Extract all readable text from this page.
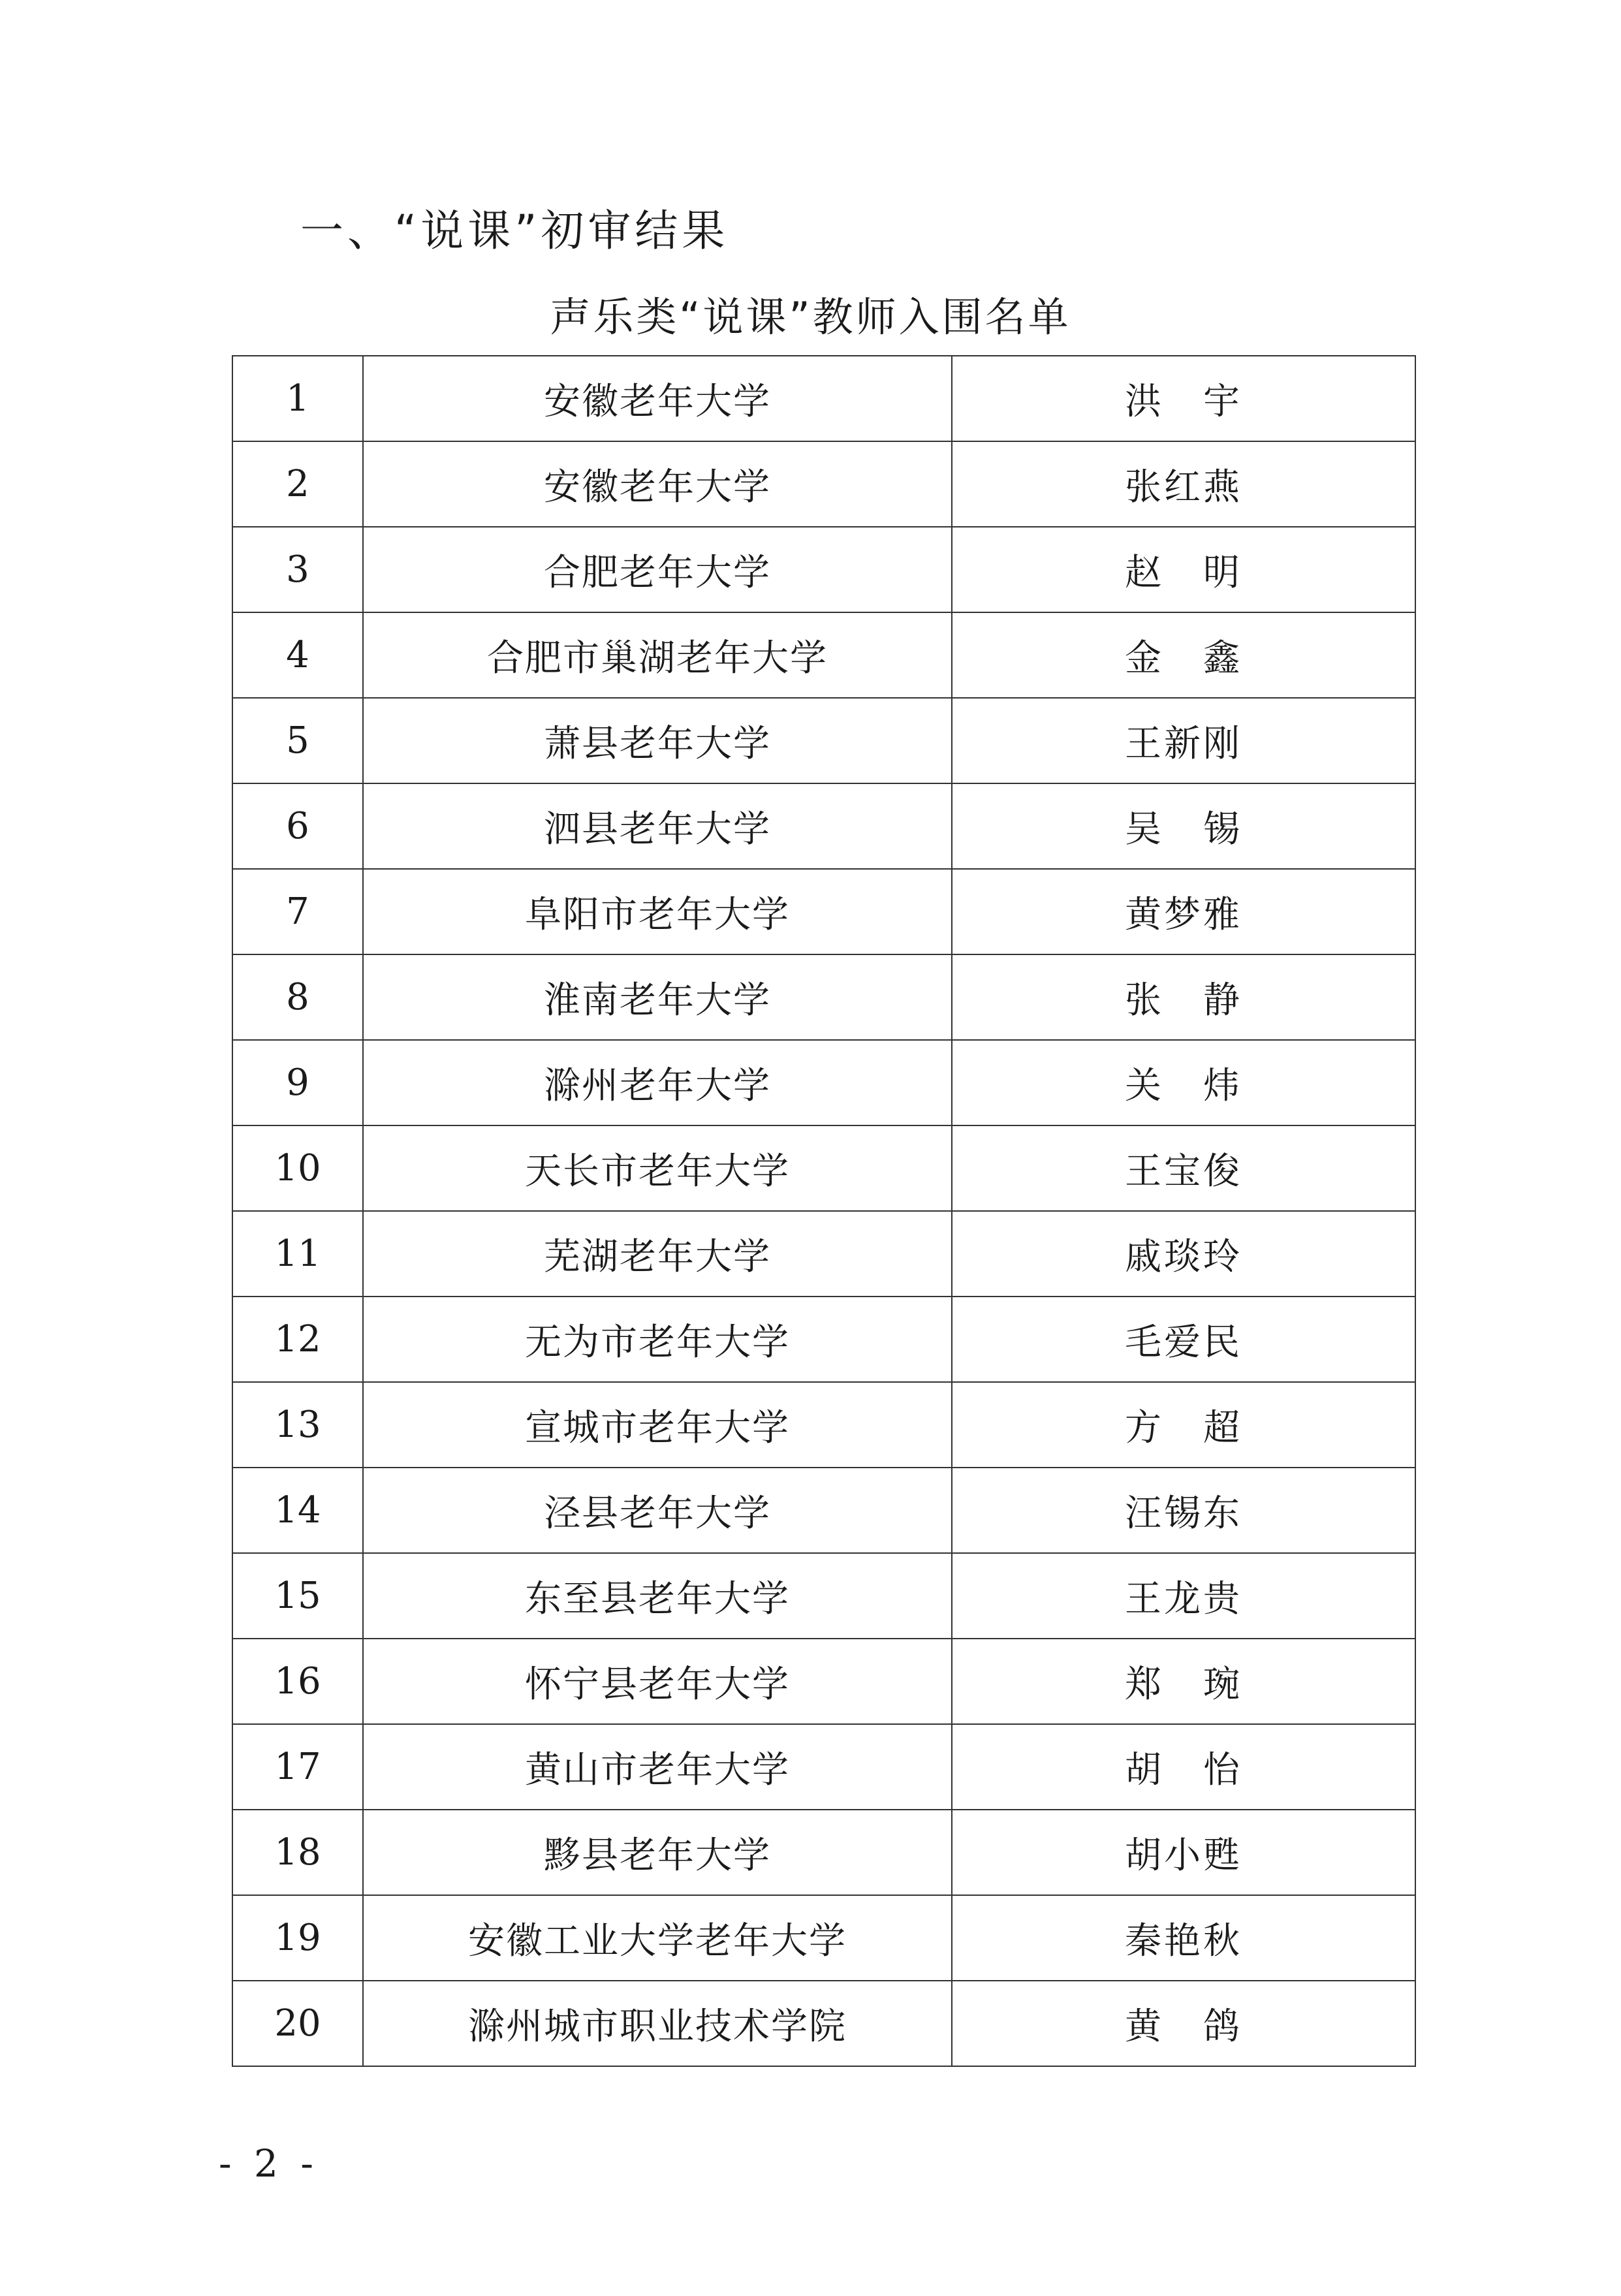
一、“说课”初审结果
声乐类“说课”教师入围名单
1	安徽老年大学	洪　宇
2	安徽老年大学	张红燕
3	合肥老年大学	赵　明
4	合肥市巢湖老年大学	金　鑫
5	萧县老年大学	王新刚
6	泗县老年大学	吴　锡
7	阜阳市老年大学	黄梦雅
8	淮南老年大学	张　静
9	滁州老年大学	关　炜
10	天长市老年大学	王宝俊
11	芜湖老年大学	戚琰玲
12	无为市老年大学	毛爱民
13	宣城市老年大学	方　超
14	泾县老年大学	汪锡东
15	东至县老年大学	王龙贵
16	怀宁县老年大学	郑　琬
17	黄山市老年大学	胡　怡
18	黟县老年大学	胡小甦
19	安徽工业大学老年大学	秦艳秋
20	滁州城市职业技术学院	黄　鸽
- 2 -
